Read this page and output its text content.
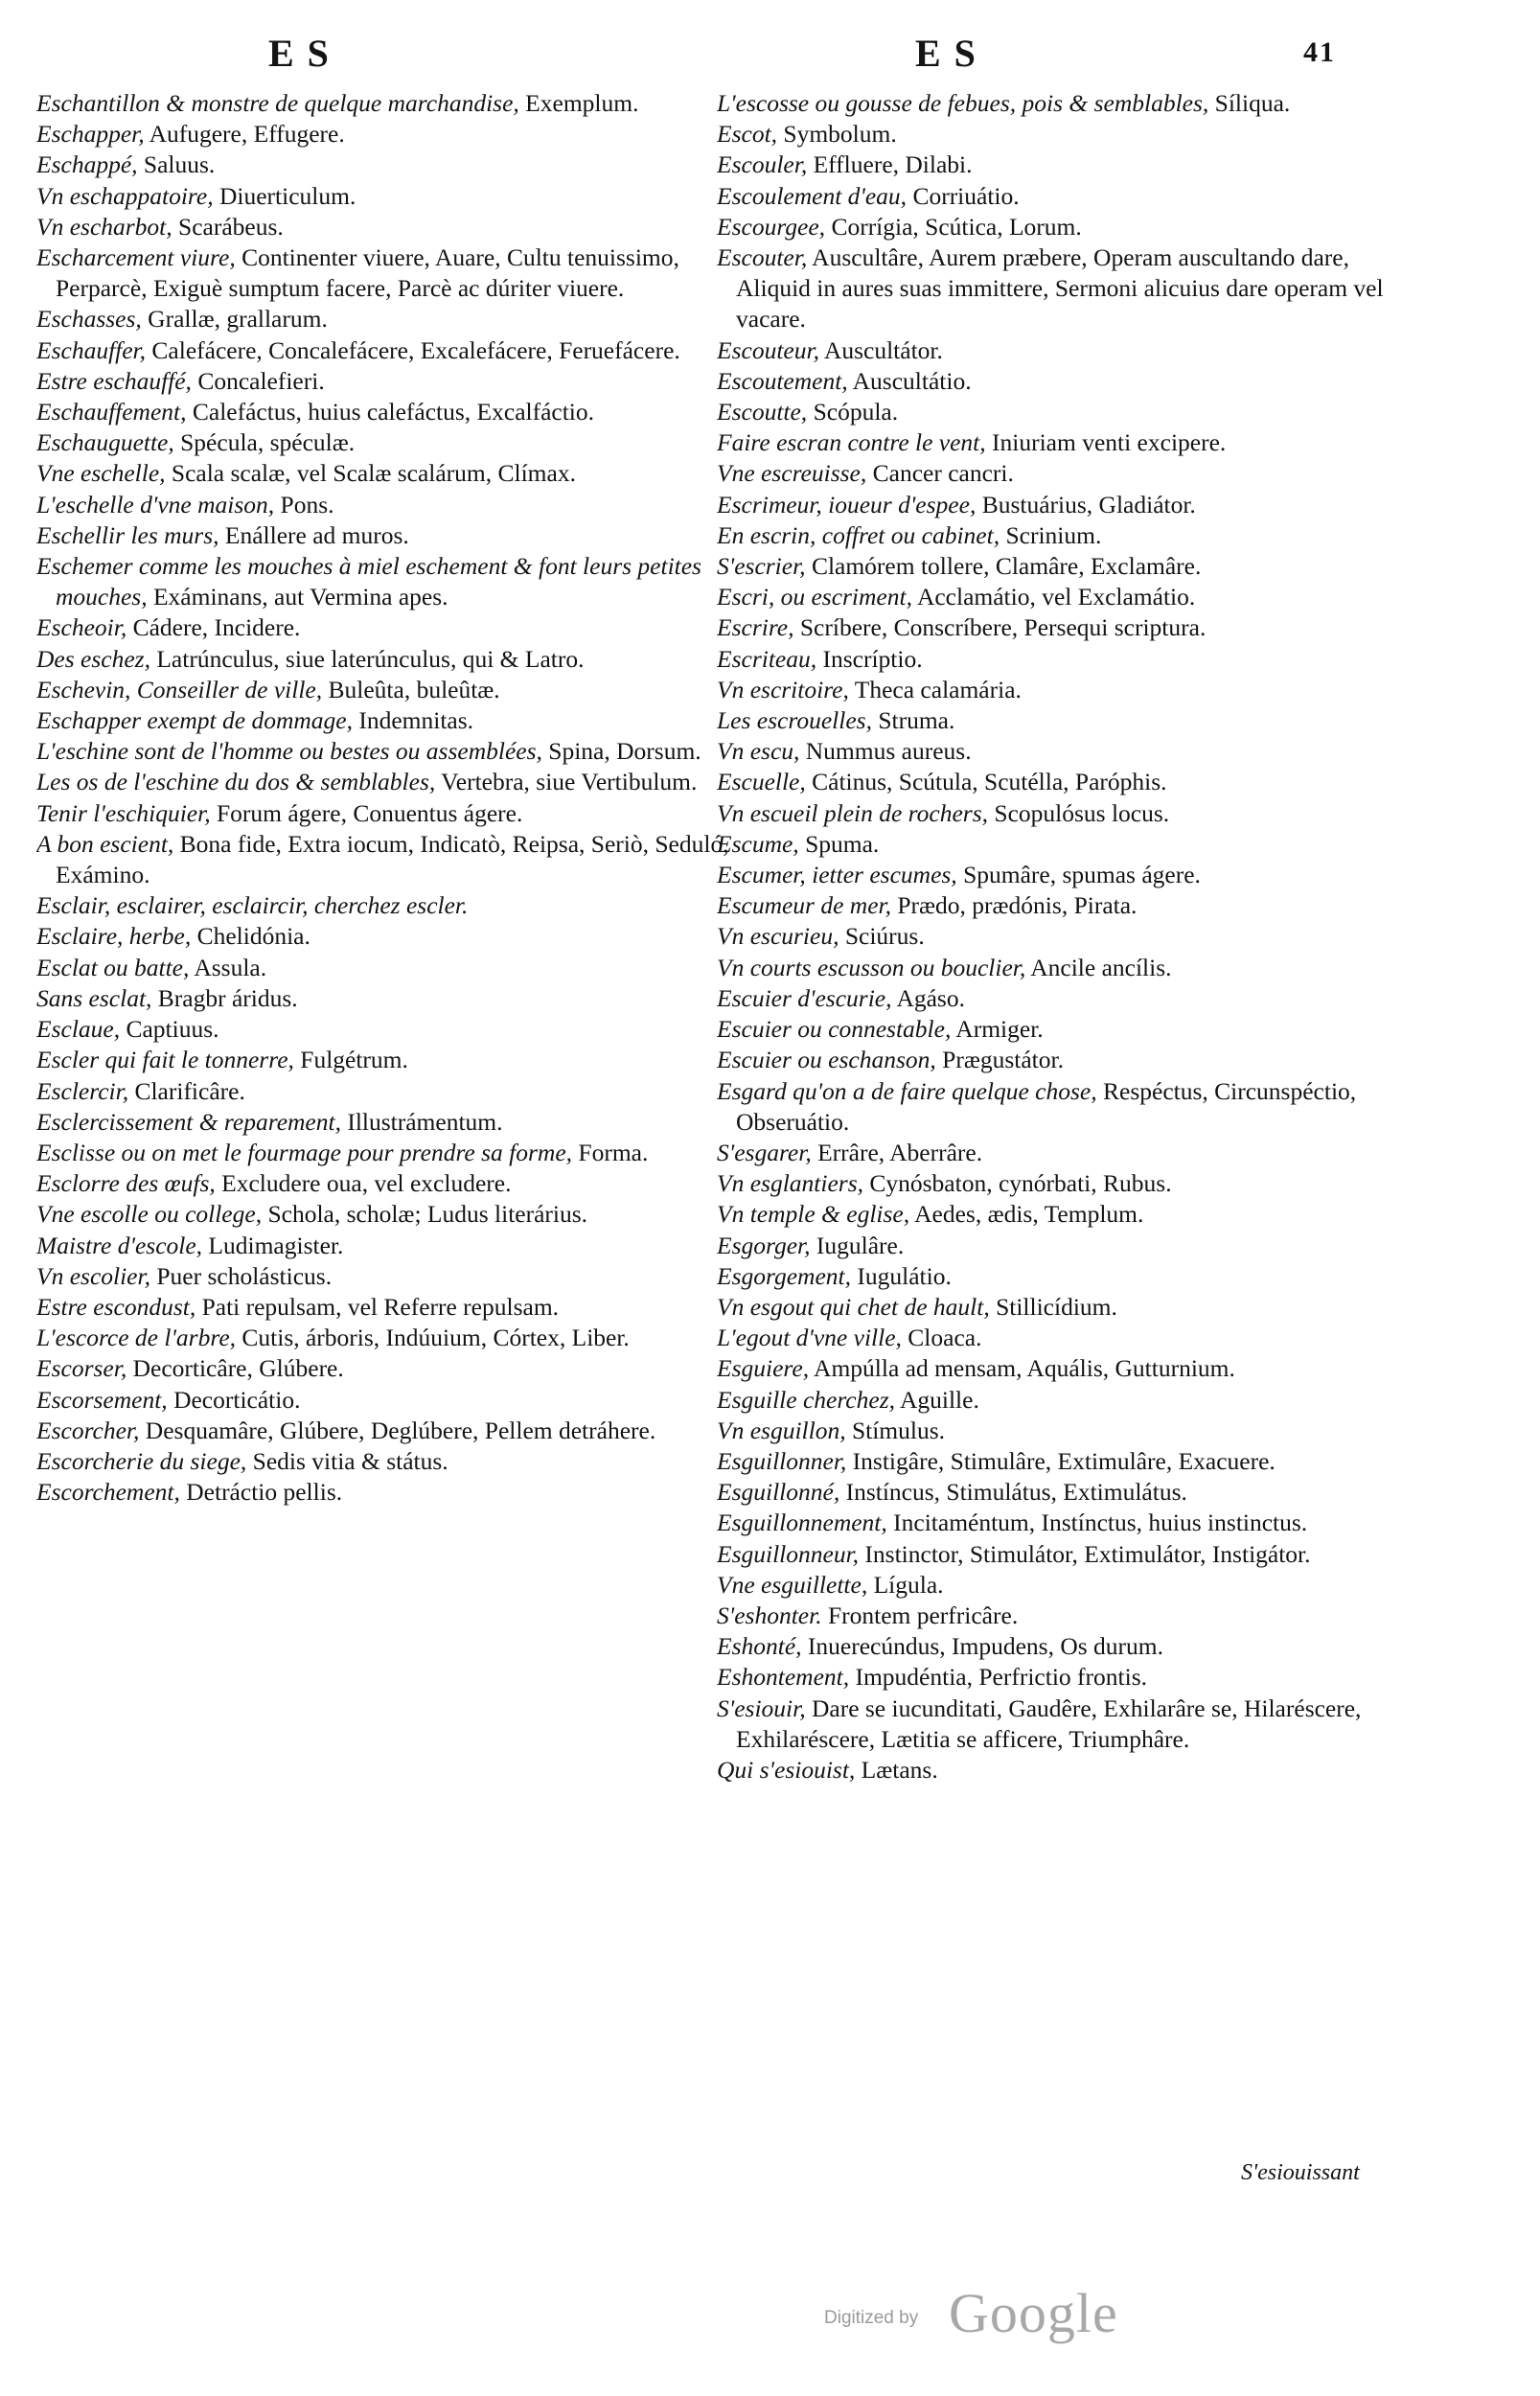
E S	E S	41

Eschantillon & monstre de quelque marchandise, Exemplum.

Eschapper, Aufugere, Effugere.

Eschappé, Saluus.

Vn eschappatoire, Diuerticulum.

Vn escharbot, Scarábeus.

Escharcement viure, Continenter viuere, Auare, Cultu tenuissimo, Perparcè, Exiguè sumptum facere, Parcè ac dúriter viuere.

Eschasses, Grallæ, grallarum.

Eschauffer, Calefácere, Concalefácere, Excalefácere, Feruefácere.

Estre eschauffé, Concalefieri.

Eschauffement, Calefáctus, huius calefáctus, Excalfáctio.

Eschauguette, Spécula, spéculæ.

Vne eschelle, Scala scalæ, vel Scalæ scalárum, Clímax.

L'eschelle d'vne maison, Pons.

Eschellir les murs, Enállere ad muros.

Eschemer comme les mouches à miel eschement & font leurs petites mouches, Exáminans, aut Vermina apes.

Escheoir, Cádere, Incidere.

Des eschez, Latrúnculus, siue laterúnculus, qui & Latro.

Eschevin, Conseiller de ville, Buleûta, buleûtæ.

Eschapper exempt de dommage, Indemnitas.

L'eschine sont de l'homme ou bestes ou assemblées, Spina, Dorsum.

Les os de l'eschine du dos & semblables, Vertebra, siue Vertibulum.

Tenir l'eschiquier, Forum ágere, Conuentus ágere.

A bon escient, Bona fide, Extra iocum, Indicatò, Reipsa, Seriò, Seduló, Exámino.

Esclair, esclairer, esclaircir, cherchez escler.

Esclaire, herbe, Chelidónia.

Esclat ou batte, Assula.

Sans esclat, Bragbr áridus.

Esclaue, Captiuus.

Escler qui fait le tonnerre, Fulgétrum.

Esclercir, Clarificâre.

Esclercissement & reparement, Illustrámentum.

Esclisse ou on met le fourmage pour prendre sa forme, Forma.

Esclorre des œufs, Excludere oua, vel excludere.

Vne escolle ou college, Schola, scholæ; Ludus literárius.

Maistre d'escole, Ludimagister.

Vn escolier, Puer scholásticus.

Estre escondust, Pati repulsam, vel Referre repulsam.

L'escorce de l'arbre, Cutis, árboris, Indúuium, Córtex, Liber.

Escorser, Decorticâre, Glúbere.

Escorsement, Decorticátio.

Escorcher, Desquamâre, Glúbere, Deglúbere, Pellem detráhere.

Escorcherie du siege, Sedis vitia & státus.

Escorchement, Detráctio pellis.

L'escosse ou gousse de febues, pois & semblables, Síliqua.

Escot, Symbolum.

Escouler, Effluere, Dilabi.

Escoulement d'eau, Corriuátio.

Escourgee, Corrígia, Scútica, Lorum.

Escouter, Auscultâre, Aurem præbere, Operam auscultando dare, Aliquid in aures suas immittere, Sermoni alicuius dare operam vel vacare.

Escouteur, Auscultátor.

Escoutement, Auscultátio.

Escoutte, Scópula.

Faire escran contre le vent, Iniuriam venti excipere.

Vne escreuisse, Cancer cancri.

Escrimeur, ioueur d'espee, Bustuárius, Gladiátor.

En escrin, coffret ou cabinet, Scrinium.

S'escrier, Clamórem tollere, Clamâre, Exclamâre.

Escri, ou escriment, Acclamátio, vel Exclamátio.

Escrire, Scríbere, Conscríbere, Persequi scriptura.

Escriteau, Inscríptio.

Vn escritoire, Theca calamária.

Les escrouelles, Struma.

Vn escu, Nummus aureus.

Escuelle, Cátinus, Scútula, Scutélla, Paróphis.

Vn escueil plein de rochers, Scopulósus locus.

Escume, Spuma.

Escumer, ietter escumes, Spumâre, spumas ágere.

Escumeur de mer, Prædo, prædónis, Pirata.

Vn escurieu, Sciúrus.

Vn courts escusson ou bouclier, Ancile ancílis.

Escuier d'escurie, Agáso.

Escuier ou connestable, Armiger.

Escuier ou eschanson, Prægustátor.

Esgard qu'on a de faire quelque chose, Respéctus, Circunspéctio, Obseruátio.

S'esgarer, Errâre, Aberrâre.

Vn esglantiers, Cynósbaton, cynórbati, Rubus.

Vn temple & eglise, Aedes, ædis, Templum.

Esgorger, Iugulâre.

Esgorgement, Iugulátio.

Vn esgout qui chet de hault, Stillicídium.

L'egout d'vne ville, Cloaca.

Esguiere, Ampúlla ad mensam, Aquális, Gutturnium.

Esguille cherchez, Aguille.

Vn esguillon, Stímulus.

Esguillonner, Instigâre, Stimulâre, Extimulâre, Exacuere.

Esguillonné, Instíncus, Stimulátus, Extimulátus.

Esguillonnement, Incitaméntum, Instínctus, huius instinctus.

Esguillonneur, Instinctor, Stimulátor, Extimulátor, Instigátor.

Vne esguillette, Lígula.

S'eshonter. Frontem perfricâre.

Eshonté, Inuerecúndus, Impudens, Os durum.

Eshontement, Impudéntia, Perfrictio frontis.

S'esiouir, Dare se iucunditati, Gaudêre, Exhilarâre se, Hilaréscere, Exhilaréscere, Lætitia se afficere, Triumphâre.

Qui s'esiouist, Lætans.

S'esiouissant
Digitized by Google
